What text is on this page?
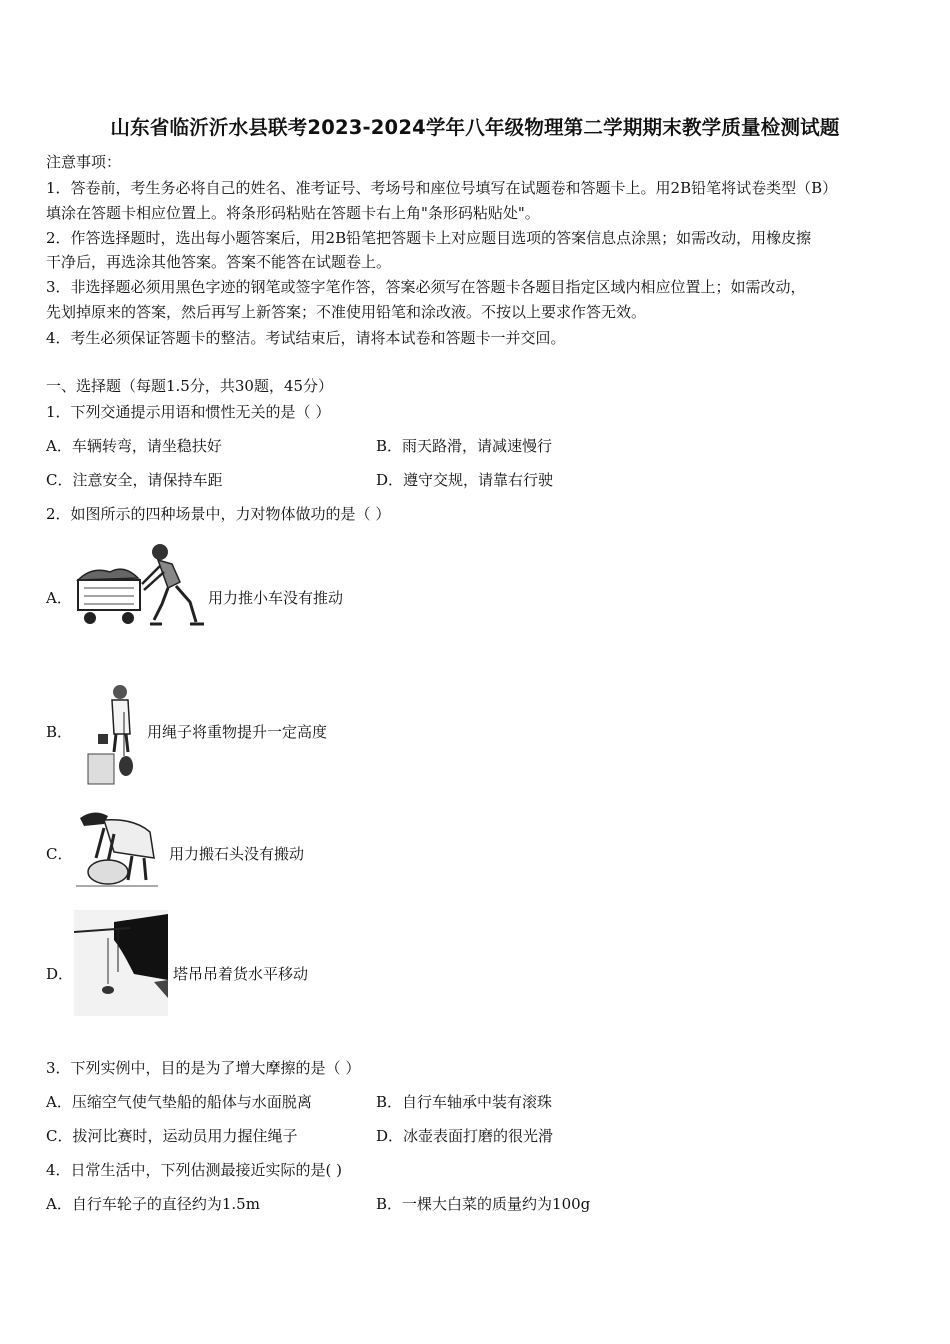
山东省临沂沂水县联考2023-2024学年八年级物理第二学期期末教学质量检测试题
注意事项：
1．答卷前，考生务必将自己的姓名、准考证号、考场号和座位号填写在试题卷和答题卡上。用2B铅笔将试卷类型（B）
填涂在答题卡相应位置上。将条形码粘贴在答题卡右上角"条形码粘贴处"。
2．作答选择题时，选出每小题答案后，用2B铅笔把答题卡上对应题目选项的答案信息点涂黑；如需改动，用橡皮擦
干净后，再选涂其他答案。答案不能答在试题卷上。
3．非选择题必须用黑色字迹的钢笔或签字笔作答，答案必须写在答题卡各题目指定区域内相应位置上；如需改动，
先划掉原来的答案，然后再写上新答案；不准使用铅笔和涂改液。不按以上要求作答无效。
4．考生必须保证答题卡的整洁。考试结束后，请将本试卷和答题卡一并交回。
一、选择题（每题1.5分，共30题，45分）
1．下列交通提示用语和惯性无关的是（ ）
A．车辆转弯，请坐稳扶好	B．雨天路滑，请减速慢行
C．注意安全，请保持车距	D．遵守交规，请靠右行驶
2．如图所示的四种场景中，力对物体做功的是（ ）
A．	用力推小车没有推动
B．	用绳子将重物提升一定高度
C．	用力搬石头没有搬动
D．	塔吊吊着货水平移动
3．下列实例中，目的是为了增大摩擦的是（ ）
A．压缩空气使气垫船的船体与水面脱离	B．自行车轴承中装有滚珠
C．拔河比赛时，运动员用力握住绳子	D．冰壶表面打磨的很光滑
4．日常生活中，下列估测最接近实际的是( )
A．自行车轮子的直径约为1.5m	B．一棵大白菜的质量约为100g
